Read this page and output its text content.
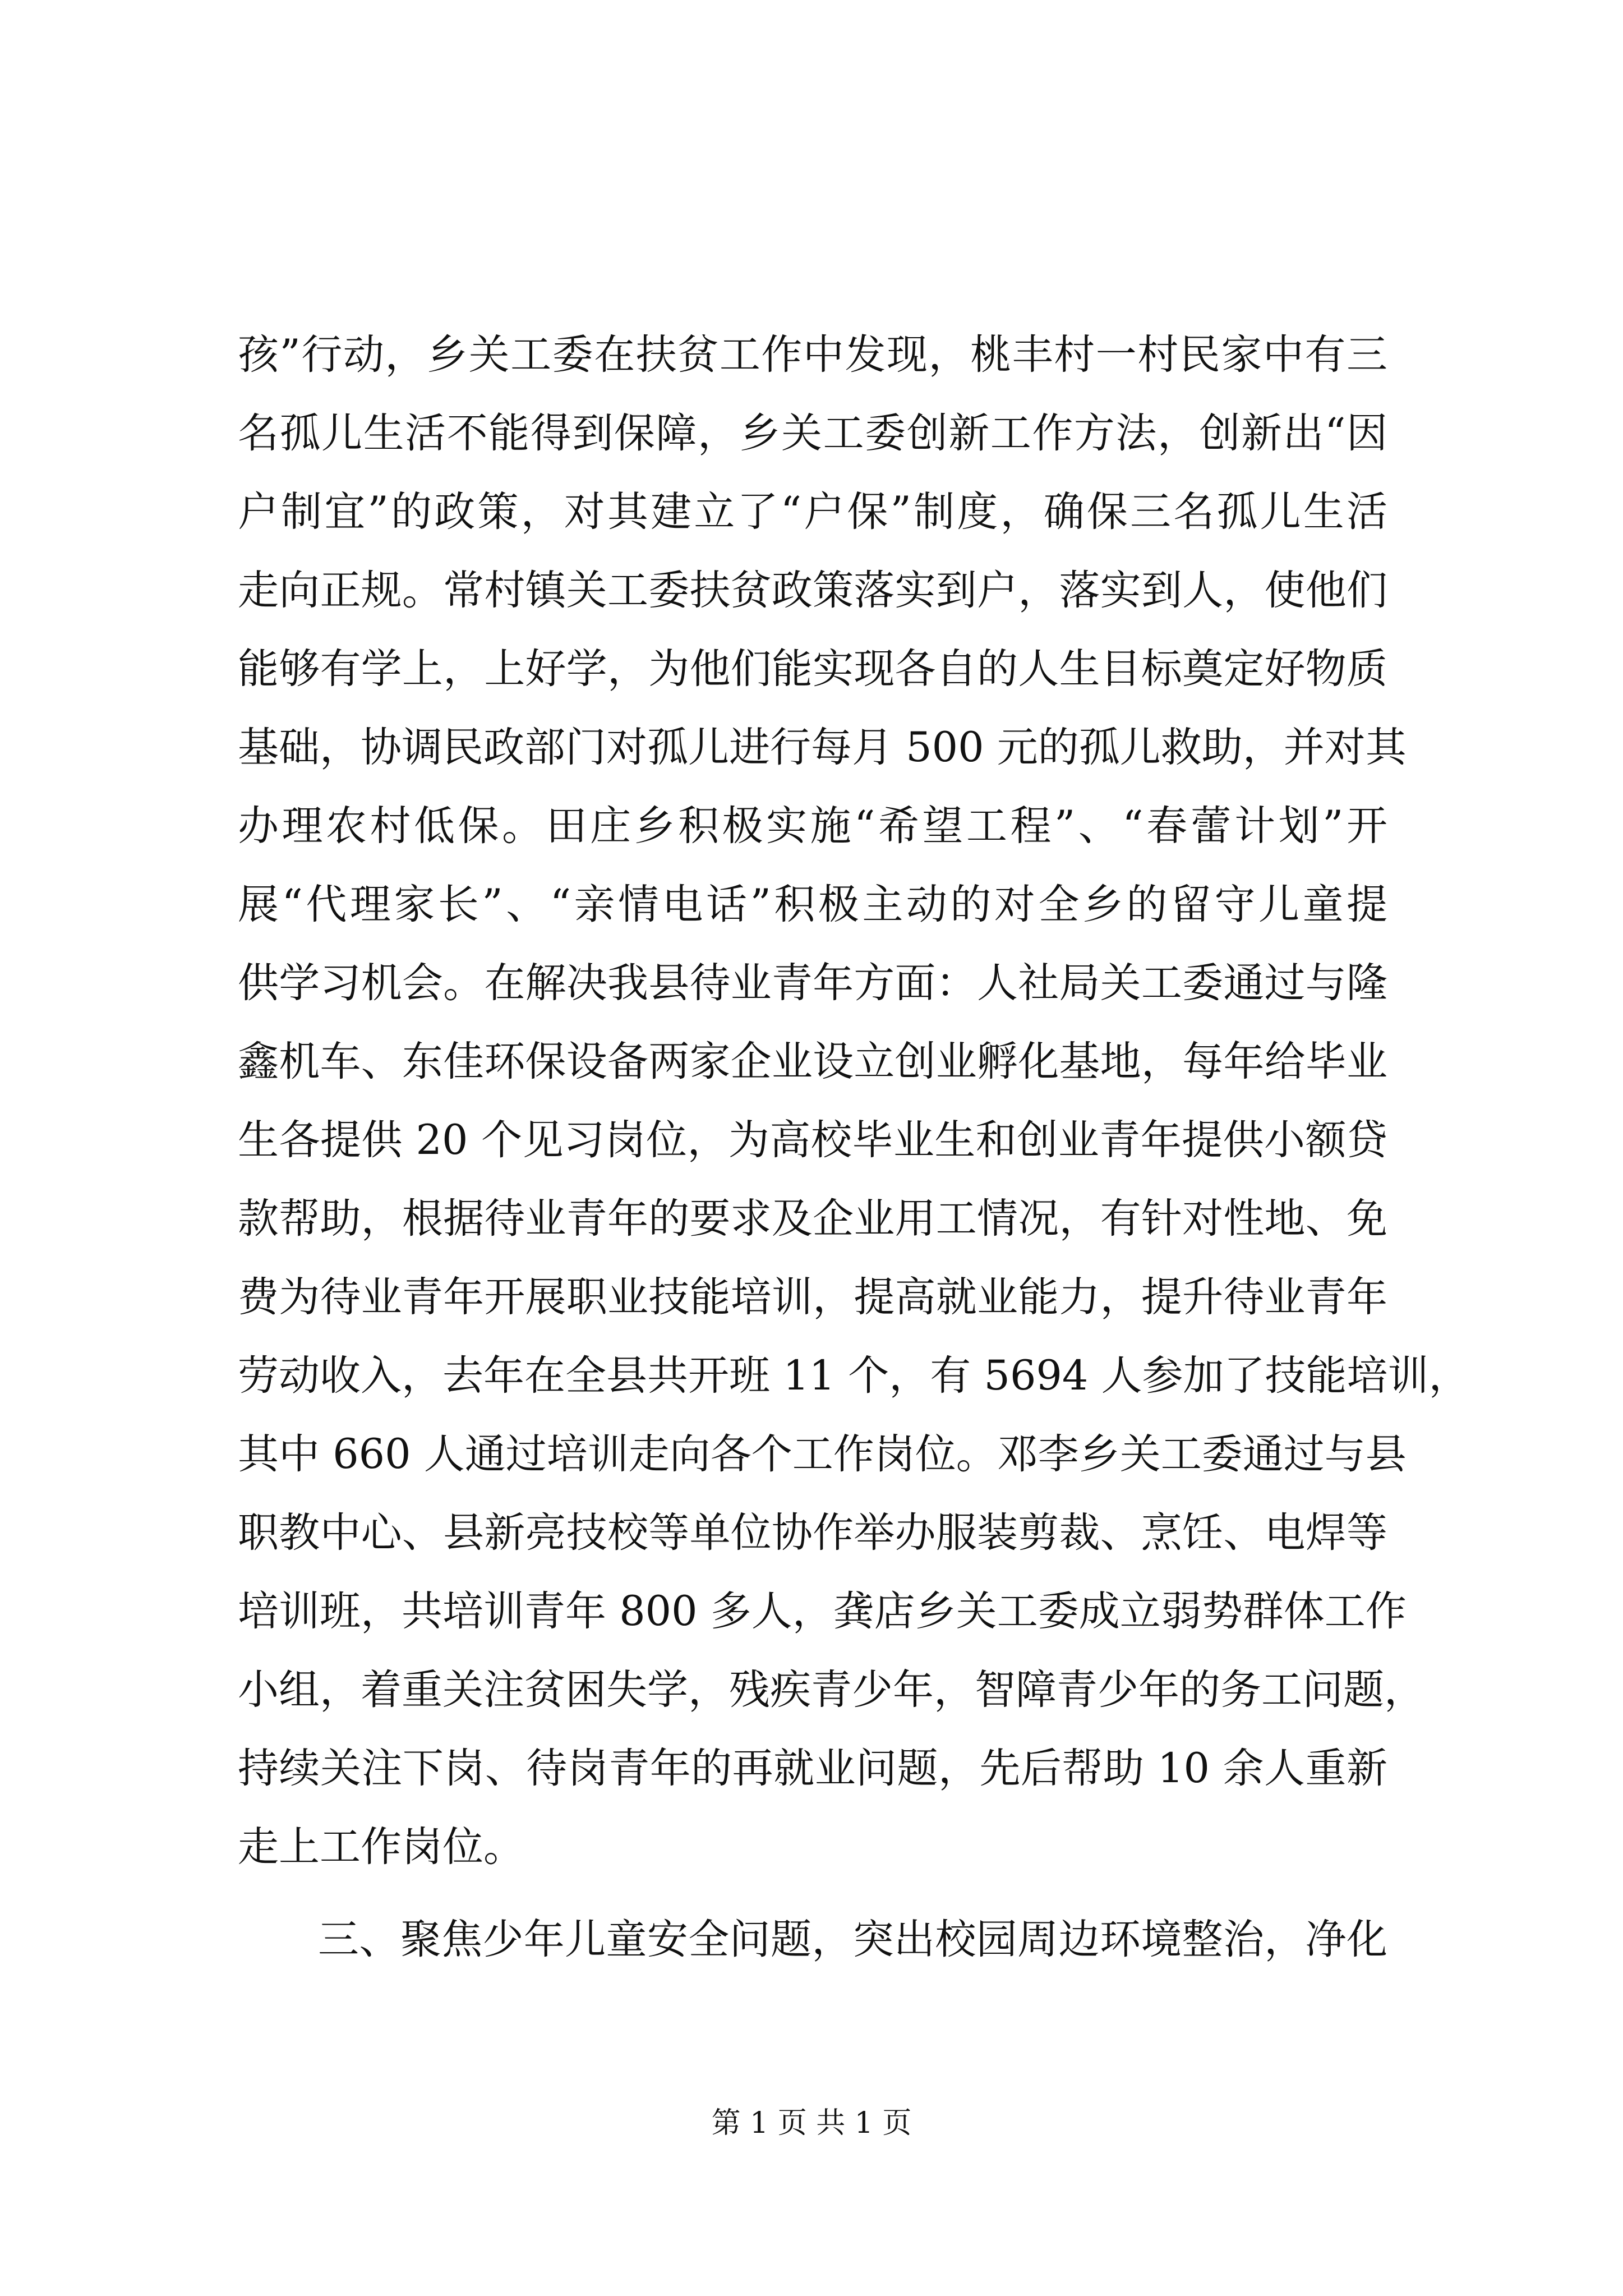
孩”行动，乡关工委在扶贫工作中发现，桃丰村一村民家中有三
名孤儿生活不能得到保障，乡关工委创新工作方法，创新出“因
户制宜”的政策，对其建立了“户保”制度，确保三名孤儿生活
走向正规。常村镇关工委扶贫政策落实到户，落实到人，使他们
能够有学上，上好学，为他们能实现各自的人生目标奠定好物质
基础，协调民政部门对孤儿进行每月 500 元的孤儿救助，并对其
办理农村低保。田庄乡积极实施“希望工程”、“春蕾计划”开
展“代理家长”、“亲情电话”积极主动的对全乡的留守儿童提
供学习机会。在解决我县待业青年方面：人社局关工委通过与隆
鑫机车、东佳环保设备两家企业设立创业孵化基地，每年给毕业
生各提供 20 个见习岗位，为高校毕业生和创业青年提供小额贷
款帮助，根据待业青年的要求及企业用工情况，有针对性地、免
费为待业青年开展职业技能培训，提高就业能力，提升待业青年
劳动收入，去年在全县共开班 11 个，有 5694 人参加了技能培训，
其中 660 人通过培训走向各个工作岗位。邓李乡关工委通过与县
职教中心、县新亮技校等单位协作举办服装剪裁、烹饪、电焊等
培训班，共培训青年 800 多人，龚店乡关工委成立弱势群体工作
小组，着重关注贫困失学，残疾青少年，智障青少年的务工问题，
持续关注下岗、待岗青年的再就业问题，先后帮助 10 余人重新
走上工作岗位。
三、聚焦少年儿童安全问题，突出校园周边环境整治，净化
第 1 页 共 1 页
